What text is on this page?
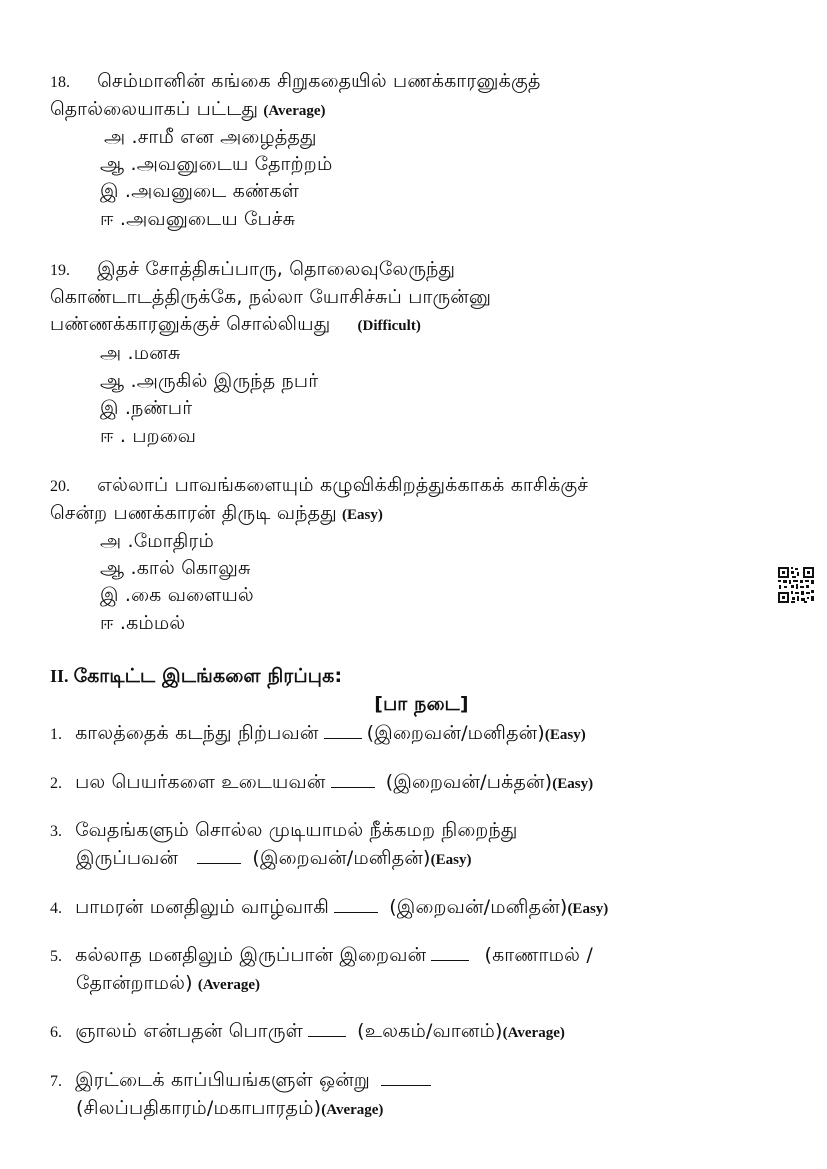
18. செம்மானின் கங்கை சிறுகதையில் பணக்காரனுக்குத்
தொல்லையாகப் பட்டது (Average)
அ .சாமீ என அழைத்தது
ஆ .அவனுடைய தோற்றம்
இ .அவனுடை கண்கள்
ஈ .அவனுடைய பேச்சு
19. இதச் சோத்திசுப்பாரு, தொலைவுலேருந்து
கொண்டாடத்திருக்கே, நல்லா யோசிச்சுப் பாருன்னு
பண்ணக்காரனுக்குச் சொல்லியது (Difficult)
அ .மனசு
ஆ .அருகில் இருந்த நபர்
இ .நண்பர்
ஈ . பறவை
20. எல்லாப் பாவங்களையும் கழுவிக்கிறத்துக்காகக் காசிக்குச்
சென்ற பணக்காரன் திருடி வந்தது (Easy)
அ .மோதிரம்
ஆ .கால் கொலுசு
இ .கை வளையல்
ஈ .கம்மல்
II. கோடிட்ட இடங்களை நிரப்புக:
[பா நடை]
1. காலத்தைக் கடந்து நிற்பவன்	(இறைவன்/மனிதன்)(Easy)
2. பல பெயர்களை உடையவன்	(இறைவன்/பக்தன்)(Easy)
3. வேதங்களும் சொல்ல முடியாமல் நீக்கமற நிறைந்து
இருப்பவன்	(இறைவன்/மனிதன்)(Easy)
4. பாமரன் மனதிலும் வாழ்வாகி	(இறைவன்/மனிதன்)(Easy)
5. கல்லாத மனதிலும் இருப்பான் இறைவன்	(காணாமல் /
தோன்றாமல்) (Average)
6. ஞாலம் என்பதன் பொருள்	(உலகம்/வானம்)(Average)
7. இரட்டைக் காப்பியங்களுள் ஒன்று
(சிலப்பதிகாரம்/மகாபாரதம்)(Average)
